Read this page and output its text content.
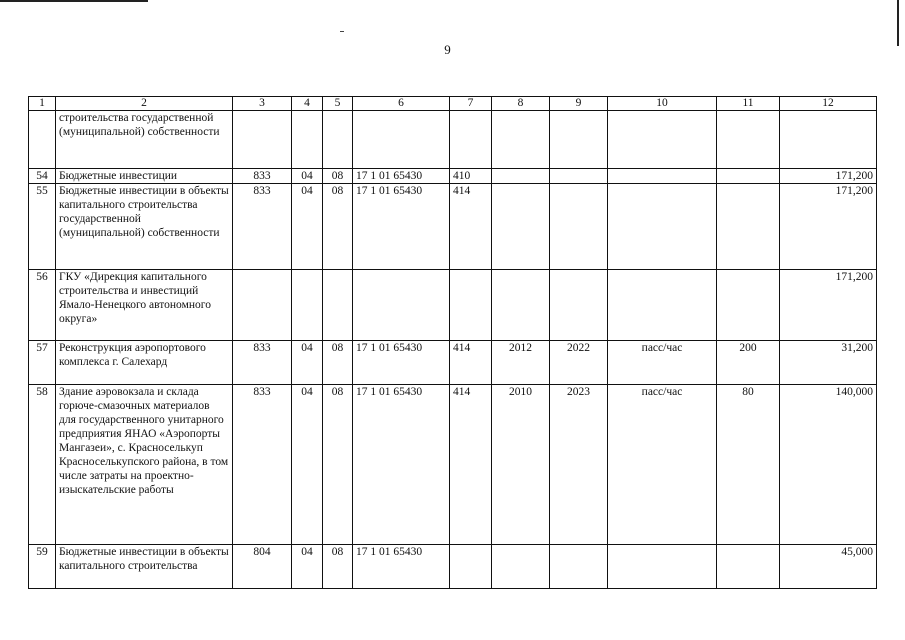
9
1	2	3	4	5	6	7	8	9	10	11	12
	строительства государственной (муниципальной) собственности										
54	Бюджетные инвестиции	833	04	08	17 1 01 65430	410					171,200
55	Бюджетные инвестиции в объекты капитального строительства государственной (муниципальной) собственности	833	04	08	17 1 01 65430	414					171,200
56	ГКУ «Дирекция капитального строительства и инвестиций Ямало-Ненецкого автономного округа»										171,200
57	Реконструкция аэропортового комплекса г. Салехард	833	04	08	17 1 01 65430	414	2012	2022	пасс/час	200	31,200
58	Здание аэровокзала и склада горюче-смазочных материалов для государственного унитарного предприятия ЯНАО «Аэропорты Мангазеи», с. Красноселькуп Красноселькупского района, в том числе затраты на проектно-изыскательские работы	833	04	08	17 1 01 65430	414	2010	2023	пасс/час	80	140,000
59	Бюджетные инвестиции в объекты капитального строительства	804	04	08	17 1 01 65430						45,000
